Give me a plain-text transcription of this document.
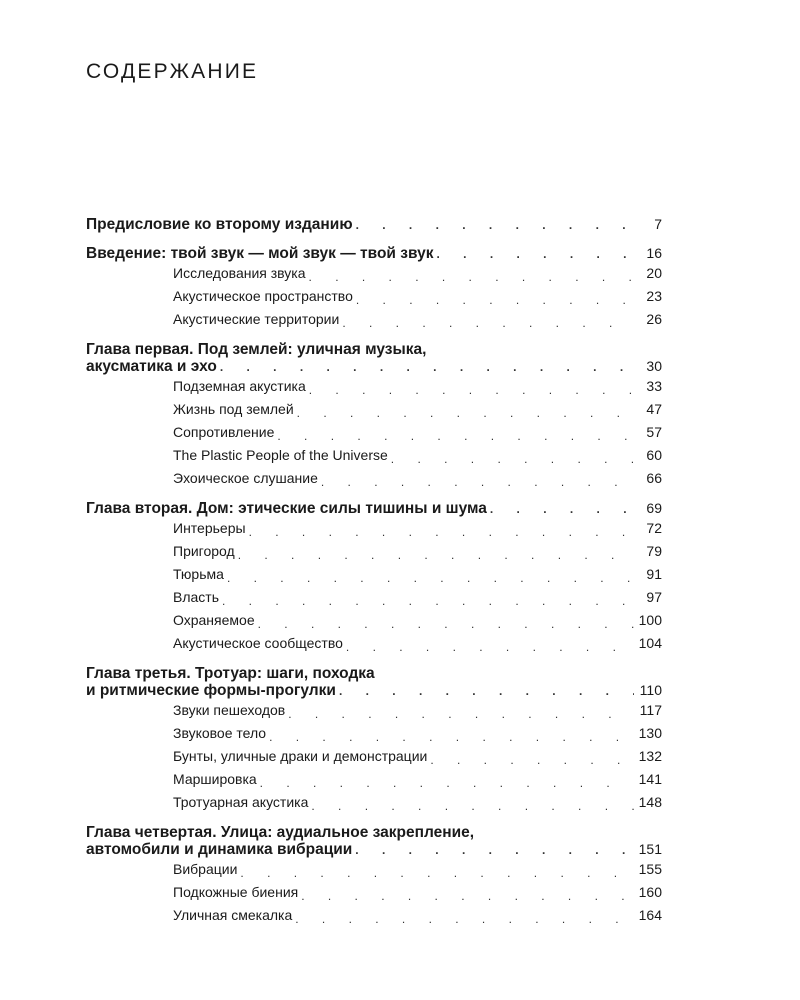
СОДЕРЖАНИЕ
Предисловие ко второму изданию . . .	7
Введение: твой звук — мой звук — твой звук . . .	16
Исследования звука . . .	20
Акустическое пространство . . .	23
Акустические территории . . .	26
Глава первая. Под землей: уличная музыка,
акусматика и эхо . . .	30
Подземная акустика . . .	33
Жизнь под землей . . .	47
Сопротивление . . .	57
The Plastic People of the Universe . . .	60
Эхоическое слушание . . .	66
Глава вторая. Дом: этические силы тишины и шума . . .	69
Интерьеры . . .	72
Пригород . . .	79
Тюрьма . . .	91
Власть . . .	97
Охраняемое . . .	100
Акустическое сообщество . . .	104
Глава третья. Тротуар: шаги, походка
и ритмические формы-прогулки . . .	110
Звуки пешеходов . . .	117
Звуковое тело . . .	130
Бунты, уличные драки и демонстрации . . .	132
Маршировка . . .	141
Тротуарная акустика . . .	148
Глава четвертая. Улица: аудиальное закрепление,
автомобили и динамика вибрации . . .	151
Вибрации . . .	155
Подкожные биения . . .	160
Уличная смекалка . . .	164
